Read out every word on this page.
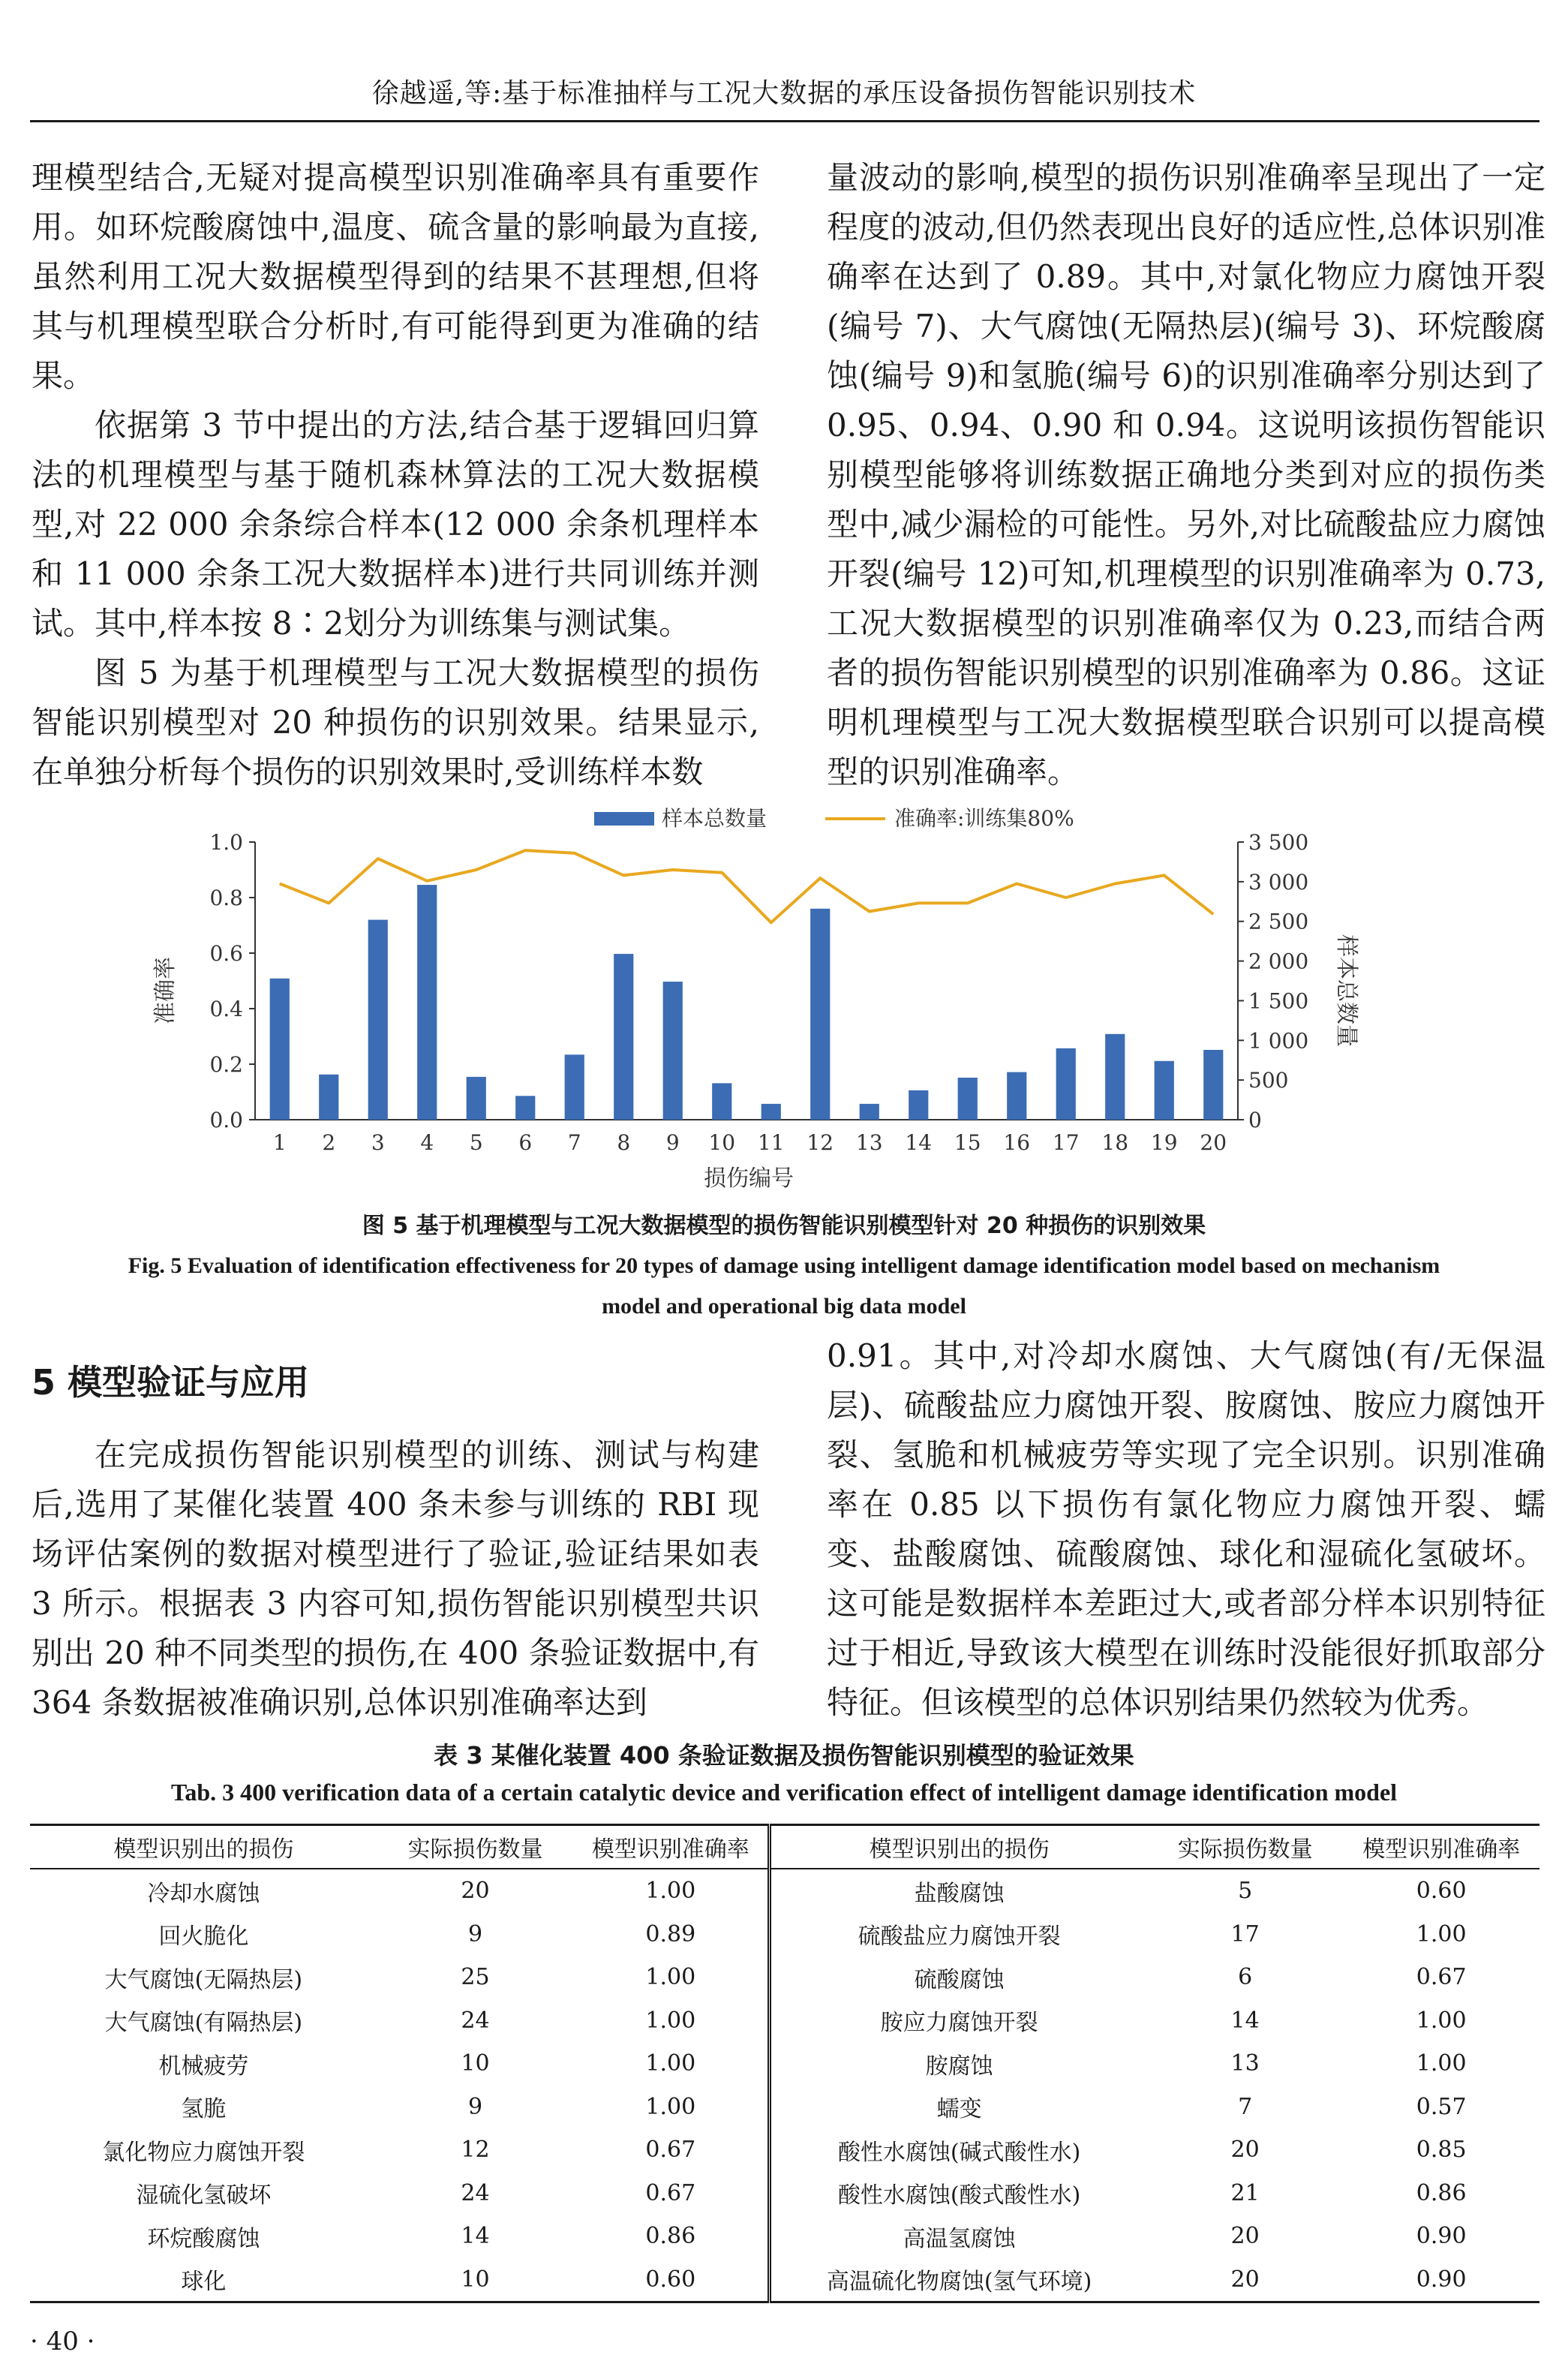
徐越遥,等:基于标准抽样与工况大数据的承压设备损伤智能识别技术

理模型结合,无疑对提高模型识别准确率具有重要作用。如环烷酸腐蚀中,温度、硫含量的影响最为直接,虽然利用工况大数据模型得到的结果不甚理想,但将其与机理模型联合分析时,有可能得到更为准确的结果。

依据第 3 节中提出的方法,结合基于逻辑回归算法的机理模型与基于随机森林算法的工况大数据模型,对 22 000 余条综合样本(12 000 余条机理样本和 11 000 余条工况大数据样本)进行共同训练并测试。其中,样本按 8∶2划分为训练集与测试集。

图 5 为基于机理模型与工况大数据模型的损伤智能识别模型对 20 种损伤的识别效果。结果显示,在单独分析每个损伤的识别效果时,受训练样本数

量波动的影响,模型的损伤识别准确率呈现出了一定程度的波动,但仍然表现出良好的适应性,总体识别准确率在达到了 0.89。其中,对氯化物应力腐蚀开裂(编号 7)、大气腐蚀(无隔热层)(编号 3)、环烷酸腐蚀(编号 9)和氢脆(编号 6)的识别准确率分别达到了 0.95、0.94、0.90 和 0.94。这说明该损伤智能识别模型能够将训练数据正确地分类到对应的损伤类型中,减少漏检的可能性。另外,对比硫酸盐应力腐蚀开裂(编号 12)可知,机理模型的识别准确率为 0.73,工况大数据模型的识别准确率仅为 0.23,而结合两者的损伤智能识别模型的识别准确率为 0.86。这证明机理模型与工况大数据模型联合识别可以提高模型的识别准确率。

样本总数量	准确率:训练集80%
0.0
0.2
0.4
0.6
0.8
1.0
0
500
1 000
1 500
2 000
2 500
3 000
3 500
1 2 3 4 5 6 7 8 9 10 11 12 13 14 15 16 17 18 19 20
准确率	样本总数量
损伤编号
图 5 基于机理模型与工况大数据模型的损伤智能识别模型针对 20 种损伤的识别效果
Fig. 5 Evaluation of identification effectiveness for 20 types of damage using intelligent damage identification model based on mechanism model and operational big data model
5 模型验证与应用

在完成损伤智能识别模型的训练、测试与构建后,选用了某催化装置 400 条未参与训练的 RBI 现场评估案例的数据对模型进行了验证,验证结果如表 3 所示。根据表 3 内容可知,损伤智能识别模型共识别出 20 种不同类型的损伤,在 400 条验证数据中,有 364 条数据被准确识别,总体识别准确率达到

0.91。其中,对冷却水腐蚀、大气腐蚀(有/无保温层)、硫酸盐应力腐蚀开裂、胺腐蚀、胺应力腐蚀开裂、氢脆和机械疲劳等实现了完全识别。识别准确率在 0.85 以下损伤有氯化物应力腐蚀开裂、蠕变、盐酸腐蚀、硫酸腐蚀、球化和湿硫化氢破坏。这可能是数据样本差距过大,或者部分样本识别特征过于相近,导致该大模型在训练时没能很好抓取部分特征。但该模型的总体识别结果仍然较为优秀。

表 3 某催化装置 400 条验证数据及损伤智能识别模型的验证效果
Tab. 3 400 verification data of a certain catalytic device and verification effect of intelligent damage identification model
模型识别出的损伤	实际损伤数量	模型识别准确率	模型识别出的损伤	实际损伤数量	模型识别准确率
冷却水腐蚀	20	1.00	盐酸腐蚀	5	0.60
回火脆化	9	0.89	硫酸盐应力腐蚀开裂	17	1.00
大气腐蚀(无隔热层)	25	1.00	硫酸腐蚀	6	0.67
大气腐蚀(有隔热层)	24	1.00	胺应力腐蚀开裂	14	1.00
机械疲劳	10	1.00	胺腐蚀	13	1.00
氢脆	9	1.00	蠕变	7	0.57
氯化物应力腐蚀开裂	12	0.67	酸性水腐蚀(碱式酸性水)	20	0.85
湿硫化氢破坏	24	0.67	酸性水腐蚀(酸式酸性水)	21	0.86
环烷酸腐蚀	14	0.86	高温氢腐蚀	20	0.90
球化	10	0.60	高温硫化物腐蚀(氢气环境)	20	0.90
· 40 ·
